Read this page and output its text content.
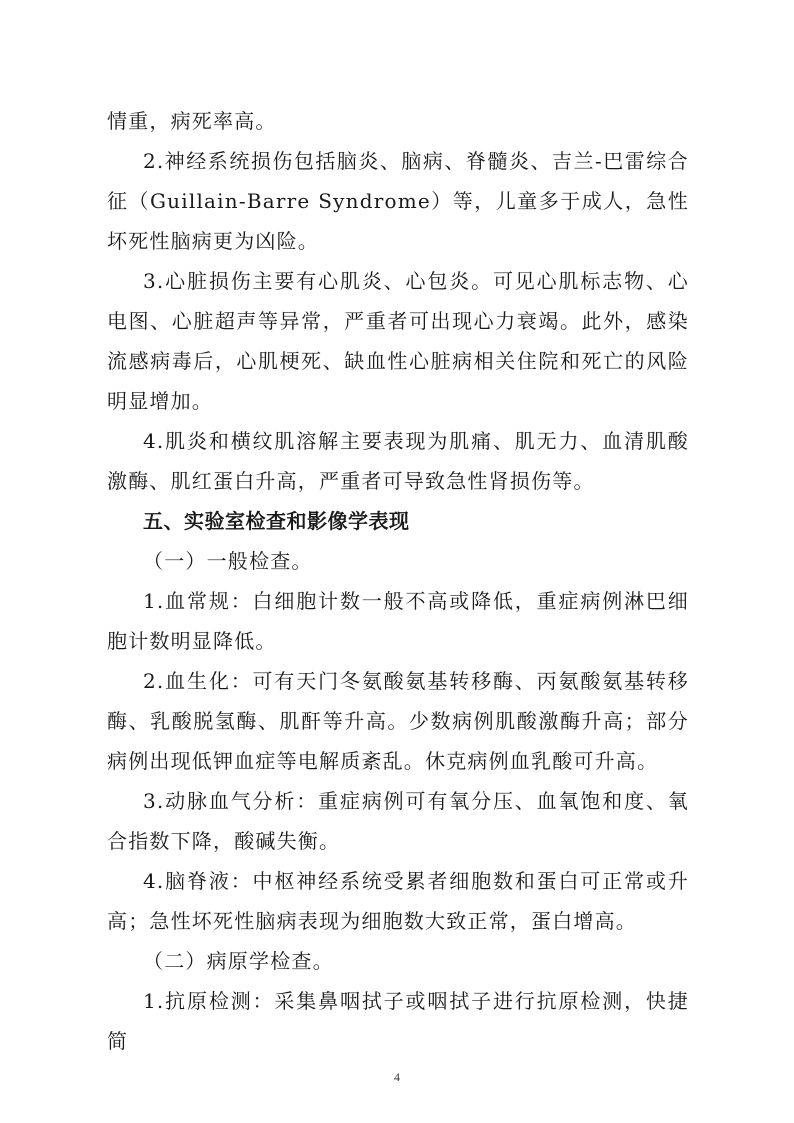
情重，病死率高。

2.神经系统损伤包括脑炎、脑病、脊髓炎、吉兰-巴雷综合征（Guillain-Barre Syndrome）等，儿童多于成人，急性坏死性脑病更为凶险。

3.心脏损伤主要有心肌炎、心包炎。可见心肌标志物、心电图、心脏超声等异常，严重者可出现心力衰竭。此外，感染流感病毒后，心肌梗死、缺血性心脏病相关住院和死亡的风险明显增加。

4.肌炎和横纹肌溶解主要表现为肌痛、肌无力、血清肌酸激酶、肌红蛋白升高，严重者可导致急性肾损伤等。

五、实验室检查和影像学表现

（一）一般检查。

1.血常规：白细胞计数一般不高或降低，重症病例淋巴细胞计数明显降低。

2.血生化：可有天门冬氨酸氨基转移酶、丙氨酸氨基转移酶、乳酸脱氢酶、肌酐等升高。少数病例肌酸激酶升高；部分病例出现低钾血症等电解质紊乱。休克病例血乳酸可升高。

3.动脉血气分析：重症病例可有氧分压、血氧饱和度、氧合指数下降，酸碱失衡。

4.脑脊液：中枢神经系统受累者细胞数和蛋白可正常或升高；急性坏死性脑病表现为细胞数大致正常，蛋白增高。

（二）病原学检查。

1.抗原检测：采集鼻咽拭子或咽拭子进行抗原检测，快捷简

4
